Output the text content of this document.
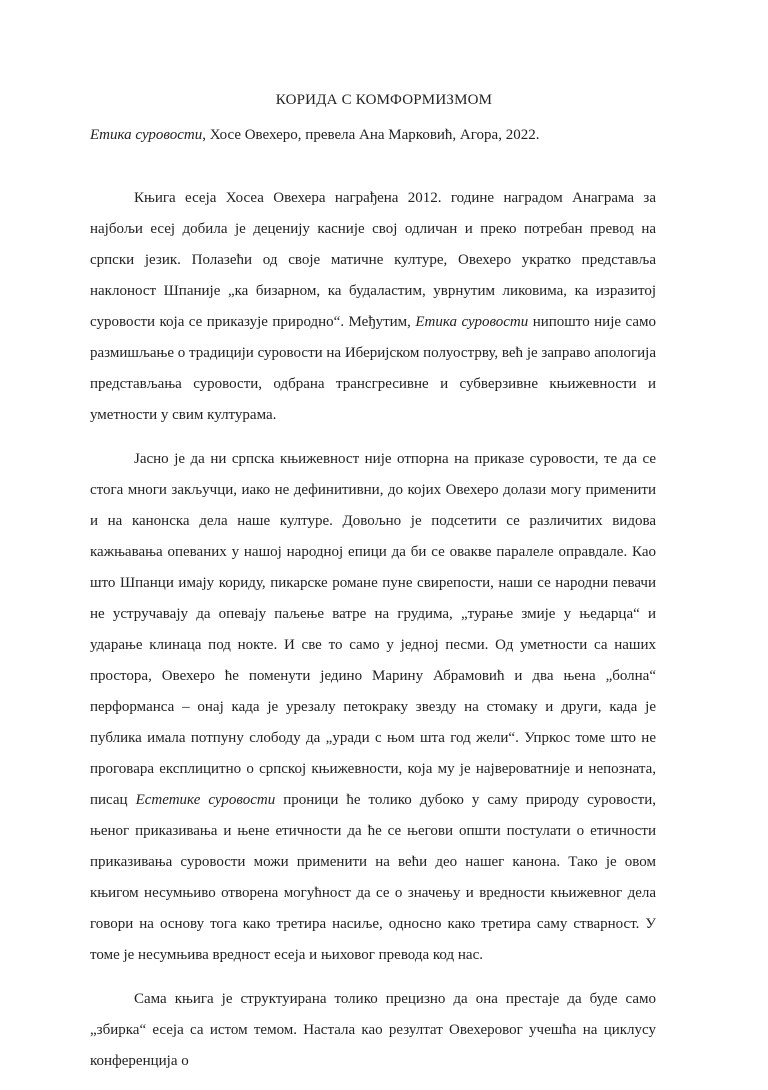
КОРИДА С КОМФОРМИЗМОМ

Етика суровости, Хосе Овехеро, превела Ана Марковић, Агора, 2022.

Књига есеја Хосеа Овехера награђена 2012. године наградом Анаграма за најбољи есеј добила је деценију касније свој одличан и преко потребан превод на српски језик. Полазећи од своје матичне културе, Овехеро укратко представља наклоност Шпаније „ка бизарном, ка будаластим, уврнутим ликовима, ка изразитој суровости која се приказује природно“. Међутим, Етика суровости нипошто није само размишљање о традицији суровости на Иберијском полуострву, већ је заправо апологија представљања суровости, одбрана трансгресивне и субверзивне књижевности и уметности у свим културама.

Јасно је да ни српска књижевност није отпорна на приказе суровости, те да се стога многи закључци, иако не дефинитивни, до којих Овехеро долази могу применити и на канонска дела наше културе. Довољно је подсетити се различитих видова кажњавања опеваних у нашој народној епици да би се овакве паралеле оправдале. Као што Шпанци имају кориду, пикарске романе пуне свирепости, наши се народни певачи не устручавају да опевају паљење ватре на грудима, „турање змије у њедарца“ и ударање клинаца под нокте. И све то само у једној песми. Од уметности са наших простора, Овехеро ће поменути једино Марину Абрамовић и два њена „болна“ перформанса – онај када је урезалу петокраку звезду на стомаку и други, када је публика имала потпуну слободу да „уради с њом шта год жели“. Упркос томе што не проговара експлицитно о српској књижевности, која му је највероватније и непозната, писац Естетике суровости проници ће толико дубоко у саму природу суровости, њеног приказивања и њене етичности да ће се његови општи постулати о етичности приказивања суровости можи применити на већи део нашег канона. Тако је овом књигом несумњиво отворена могућност да се о значењу и вредности књижевног дела говори на основу тога како третира насиље, односно како третира саму стварност. У томе је несумњива вредност есеја и њиховог превода код нас.

Сама књига је структуирана толико прецизно да она престаје да буде само „збирка“ есеја са истом темом. Настала као резултат Овехеровог учешћа на циклусу конференција о
